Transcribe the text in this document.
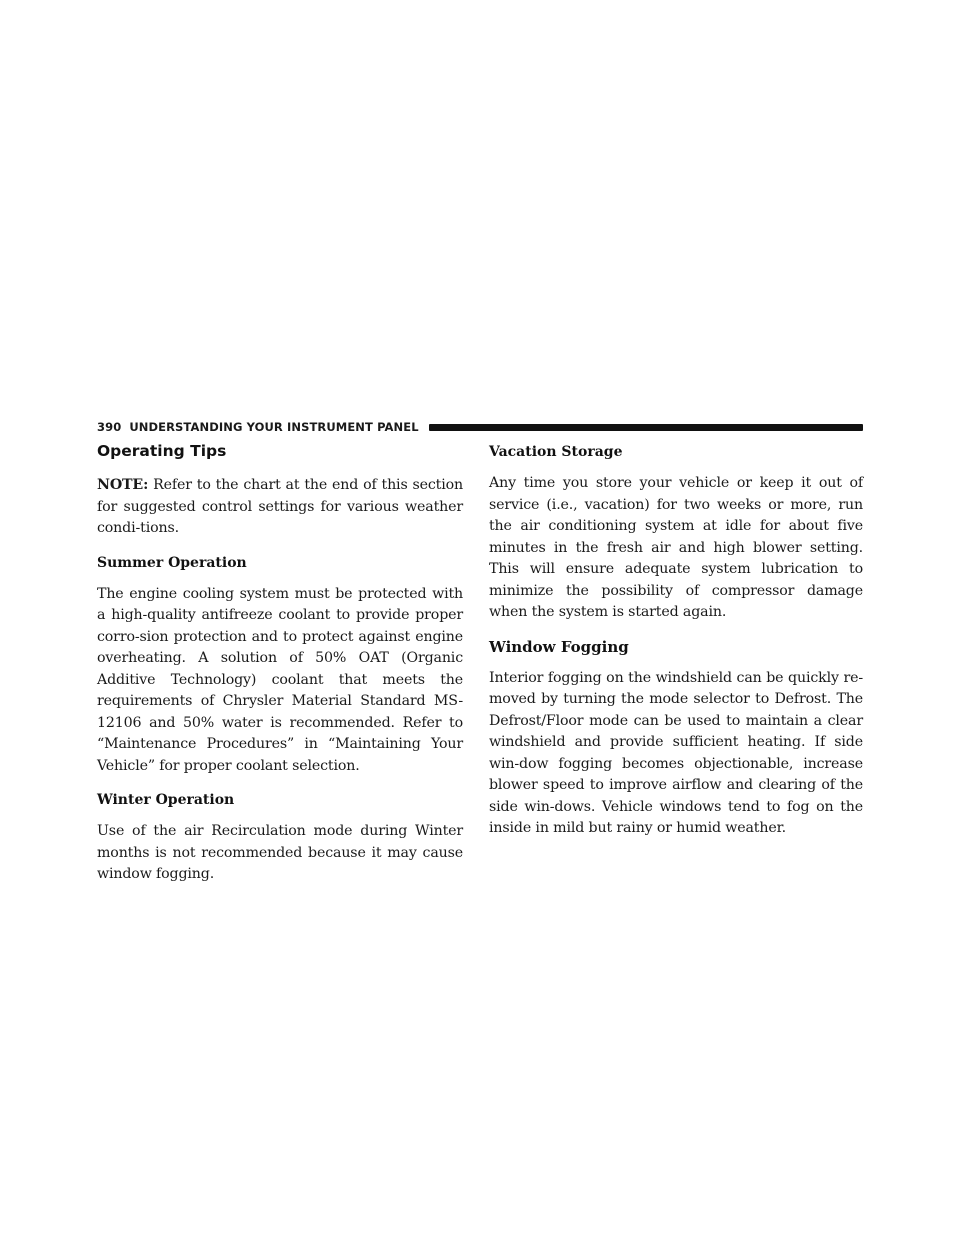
390 UNDERSTANDING YOUR INSTRUMENT PANEL
Operating Tips

NOTE: Refer to the chart at the end of this section for suggested control settings for various weather condi-tions.

Summer Operation

The engine cooling system must be protected with a high-quality antifreeze coolant to provide proper corro-sion protection and to protect against engine overheating. A solution of 50% OAT (Organic Additive Technology) coolant that meets the requirements of Chrysler Material Standard MS-12106 and 50% water is recommended. Refer to “Maintenance Procedures” in “Maintaining Your Vehicle” for proper coolant selection.

Winter Operation

Use of the air Recirculation mode during Winter months is not recommended because it may cause window fogging.

Vacation Storage

Any time you store your vehicle or keep it out of service (i.e., vacation) for two weeks or more, run the air conditioning system at idle for about five minutes in the fresh air and high blower setting. This will ensure adequate system lubrication to minimize the possibility of compressor damage when the system is started again.

Window Fogging

Interior fogging on the windshield can be quickly re-moved by turning the mode selector to Defrost. The Defrost/Floor mode can be used to maintain a clear windshield and provide sufficient heating. If side win-dow fogging becomes objectionable, increase blower speed to improve airflow and clearing of the side win-dows. Vehicle windows tend to fog on the inside in mild but rainy or humid weather.
